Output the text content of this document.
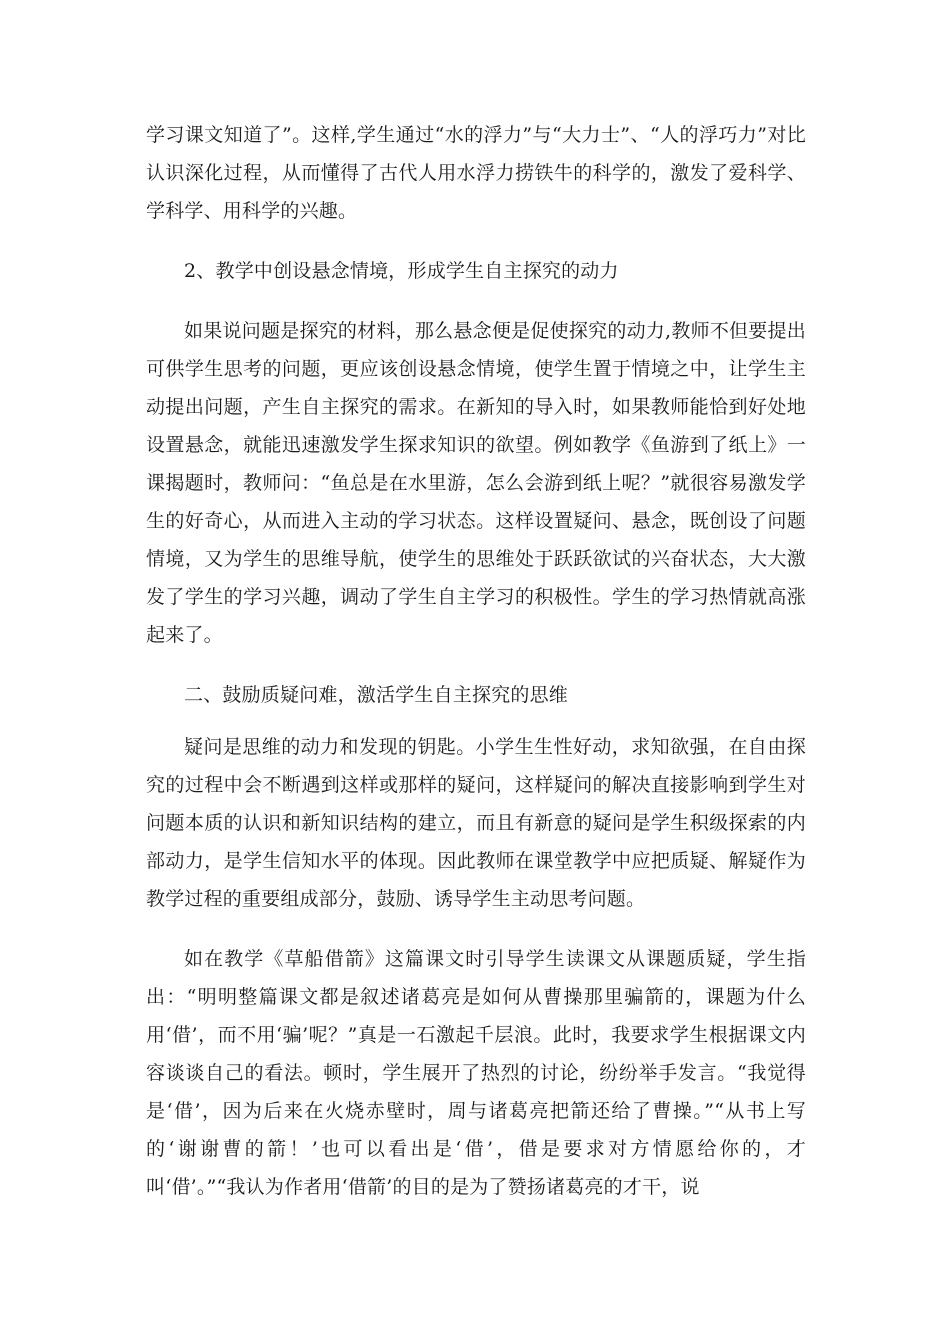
学习课文知道了”。这样,学生通过“水的浮力”与“大力士”、“人的浮巧力”对比认识深化过程，从而懂得了古代人用水浮力捞铁牛的科学的，激发了爱科学、学科学、用科学的兴趣。

2、教学中创设悬念情境，形成学生自主探究的动力

如果说问题是探究的材料，那么悬念便是促使探究的动力,教师不但要提出可供学生思考的问题，更应该创设悬念情境，使学生置于情境之中，让学生主动提出问题，产生自主探究的需求。在新知的导入时，如果教师能恰到好处地设置悬念，就能迅速激发学生探求知识的欲望。例如教学《鱼游到了纸上》一课揭题时，教师问：“鱼总是在水里游，怎么会游到纸上呢？”就很容易激发学生的好奇心，从而进入主动的学习状态。这样设置疑问、悬念，既创设了问题情境，又为学生的思维导航，使学生的思维处于跃跃欲试的兴奋状态，大大激发了学生的学习兴趣，调动了学生自主学习的积极性。学生的学习热情就高涨起来了。

二、鼓励质疑问难，激活学生自主探究的思维

疑问是思维的动力和发现的钥匙。小学生生性好动，求知欲强，在自由探究的过程中会不断遇到这样或那样的疑问，这样疑问的解决直接影响到学生对问题本质的认识和新知识结构的建立，而且有新意的疑问是学生积级探索的内部动力，是学生信知水平的体现。因此教师在课堂教学中应把质疑、解疑作为教学过程的重要组成部分，鼓励、诱导学生主动思考问题。

如在教学《草船借箭》这篇课文时引导学生读课文从课题质疑，学生指出：“明明整篇课文都是叙述诸葛亮是如何从曹操那里骗箭的，课题为什么用‘借’，而不用‘骗’呢？”真是一石激起千层浪。此时，我要求学生根据课文内容谈谈自己的看法。顿时，学生展开了热烈的讨论，纷纷举手发言。“我觉得是‘借’，因为后来在火烧赤壁时，周与诸葛亮把箭还给了曹操。”“从书上写的‘谢谢曹的箭！’也可以看出是‘借’，借是要求对方情愿给你的，才叫‘借’。”“我认为作者用‘借箭’的目的是为了赞扬诸葛亮的才干，说
